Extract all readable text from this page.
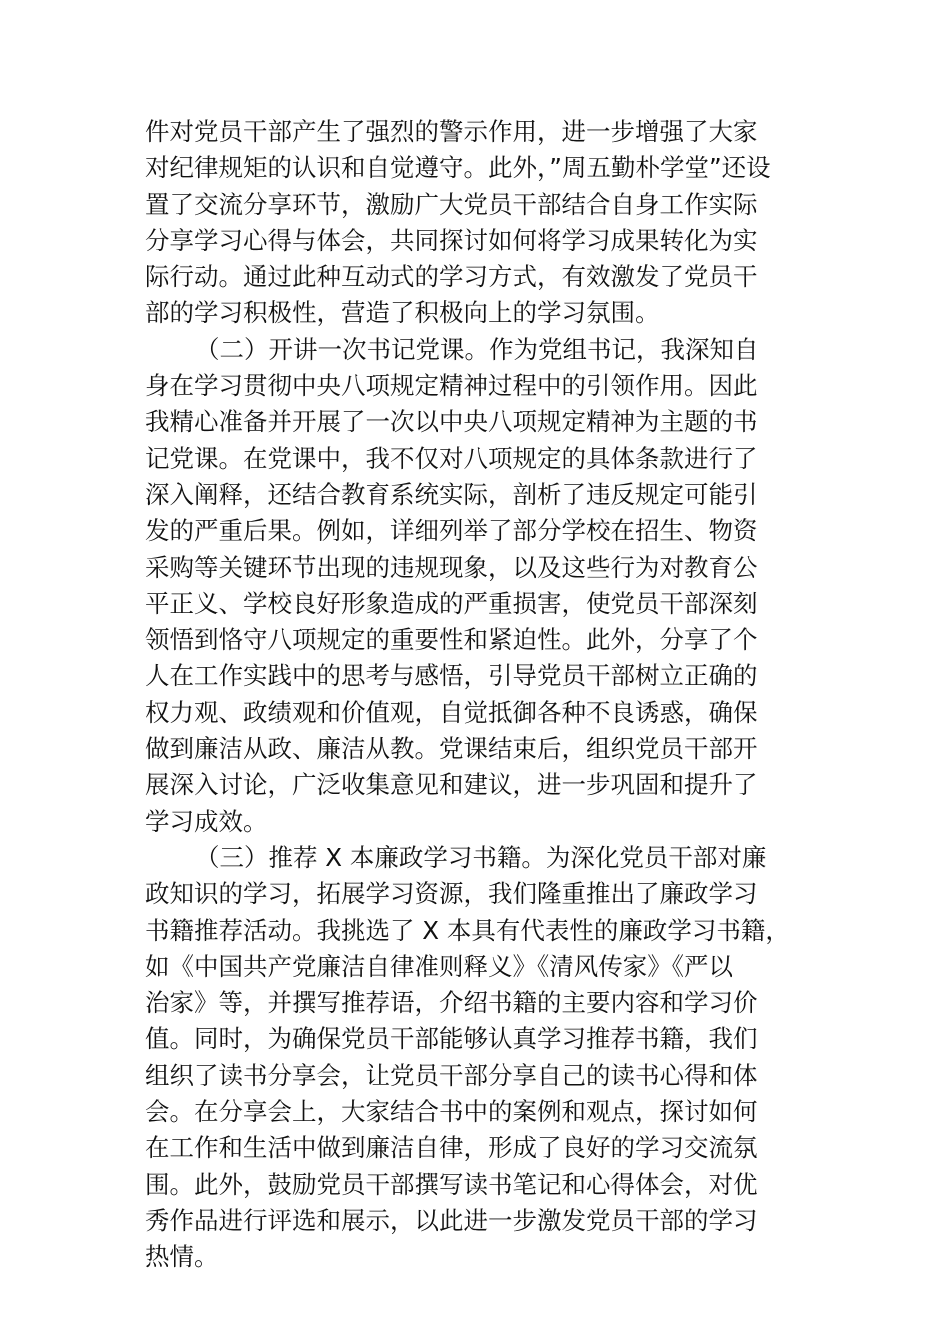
件对党员干部产生了强烈的警示作用，进一步增强了大家
对纪律规矩的认识和自觉遵守。此外，”周五勤朴学堂”还设
置了交流分享环节，激励广大党员干部结合自身工作实际
分享学习心得与体会，共同探讨如何将学习成果转化为实
际行动。通过此种互动式的学习方式，有效激发了党员干
部的学习积极性，营造了积极向上的学习氛围。
（二）开讲一次书记党课。作为党组书记，我深知自
身在学习贯彻中央八项规定精神过程中的引领作用。因此
我精心准备并开展了一次以中央八项规定精神为主题的书
记党课。在党课中，我不仅对八项规定的具体条款进行了
深入阐释，还结合教育系统实际，剖析了违反规定可能引
发的严重后果。例如，详细列举了部分学校在招生、物资
采购等关键环节出现的违规现象，以及这些行为对教育公
平正义、学校良好形象造成的严重损害，使党员干部深刻
领悟到恪守八项规定的重要性和紧迫性。此外，分享了个
人在工作实践中的思考与感悟，引导党员干部树立正确的
权力观、政绩观和价值观，自觉抵御各种不良诱惑，确保
做到廉洁从政、廉洁从教。党课结束后，组织党员干部开
展深入讨论，广泛收集意见和建议，进一步巩固和提升了
学习成效。
（三）推荐 X 本廉政学习书籍。为深化党员干部对廉
政知识的学习，拓展学习资源，我们隆重推出了廉政学习
书籍推荐活动。我挑选了 X 本具有代表性的廉政学习书籍，
如《中国共产党廉洁自律准则释义》《清风传家》《严以
治家》等，并撰写推荐语，介绍书籍的主要内容和学习价
值。同时，为确保党员干部能够认真学习推荐书籍，我们
组织了读书分享会，让党员干部分享自己的读书心得和体
会。在分享会上，大家结合书中的案例和观点，探讨如何
在工作和生活中做到廉洁自律，形成了良好的学习交流氛
围。此外，鼓励党员干部撰写读书笔记和心得体会，对优
秀作品进行评选和展示，以此进一步激发党员干部的学习
热情。
